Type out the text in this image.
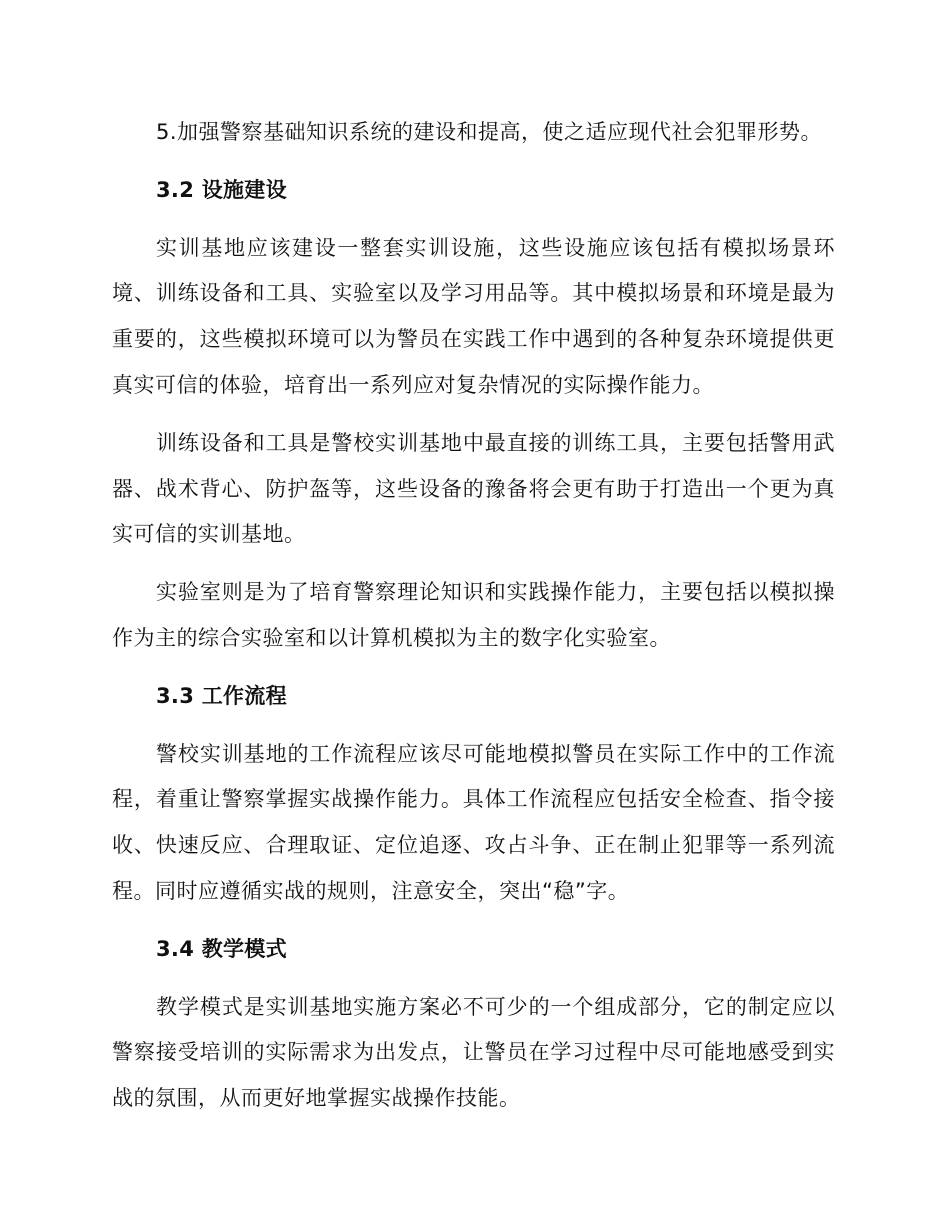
5.加强警察基础知识系统的建设和提高，使之适应现代社会犯罪形势。

3.2 设施建设

实训基地应该建设一整套实训设施，这些设施应该包括有模拟场景环境、训练设备和工具、实验室以及学习用品等。其中模拟场景和环境是最为重要的，这些模拟环境可以为警员在实践工作中遇到的各种复杂环境提供更真实可信的体验，培育出一系列应对复杂情况的实际操作能力。

训练设备和工具是警校实训基地中最直接的训练工具，主要包括警用武器、战术背心、防护盔等，这些设备的豫备将会更有助于打造出一个更为真实可信的实训基地。

实验室则是为了培育警察理论知识和实践操作能力，主要包括以模拟操作为主的综合实验室和以计算机模拟为主的数字化实验室。

3.3 工作流程

警校实训基地的工作流程应该尽可能地模拟警员在实际工作中的工作流程，着重让警察掌握实战操作能力。具体工作流程应包括安全检查、指令接收、快速反应、合理取证、定位追逐、攻占斗争、正在制止犯罪等一系列流程。同时应遵循实战的规则，注意安全，突出“稳”字。

3.4 教学模式

教学模式是实训基地实施方案必不可少的一个组成部分，它的制定应以警察接受培训的实际需求为出发点，让警员在学习过程中尽可能地感受到实战的氛围，从而更好地掌握实战操作技能。
